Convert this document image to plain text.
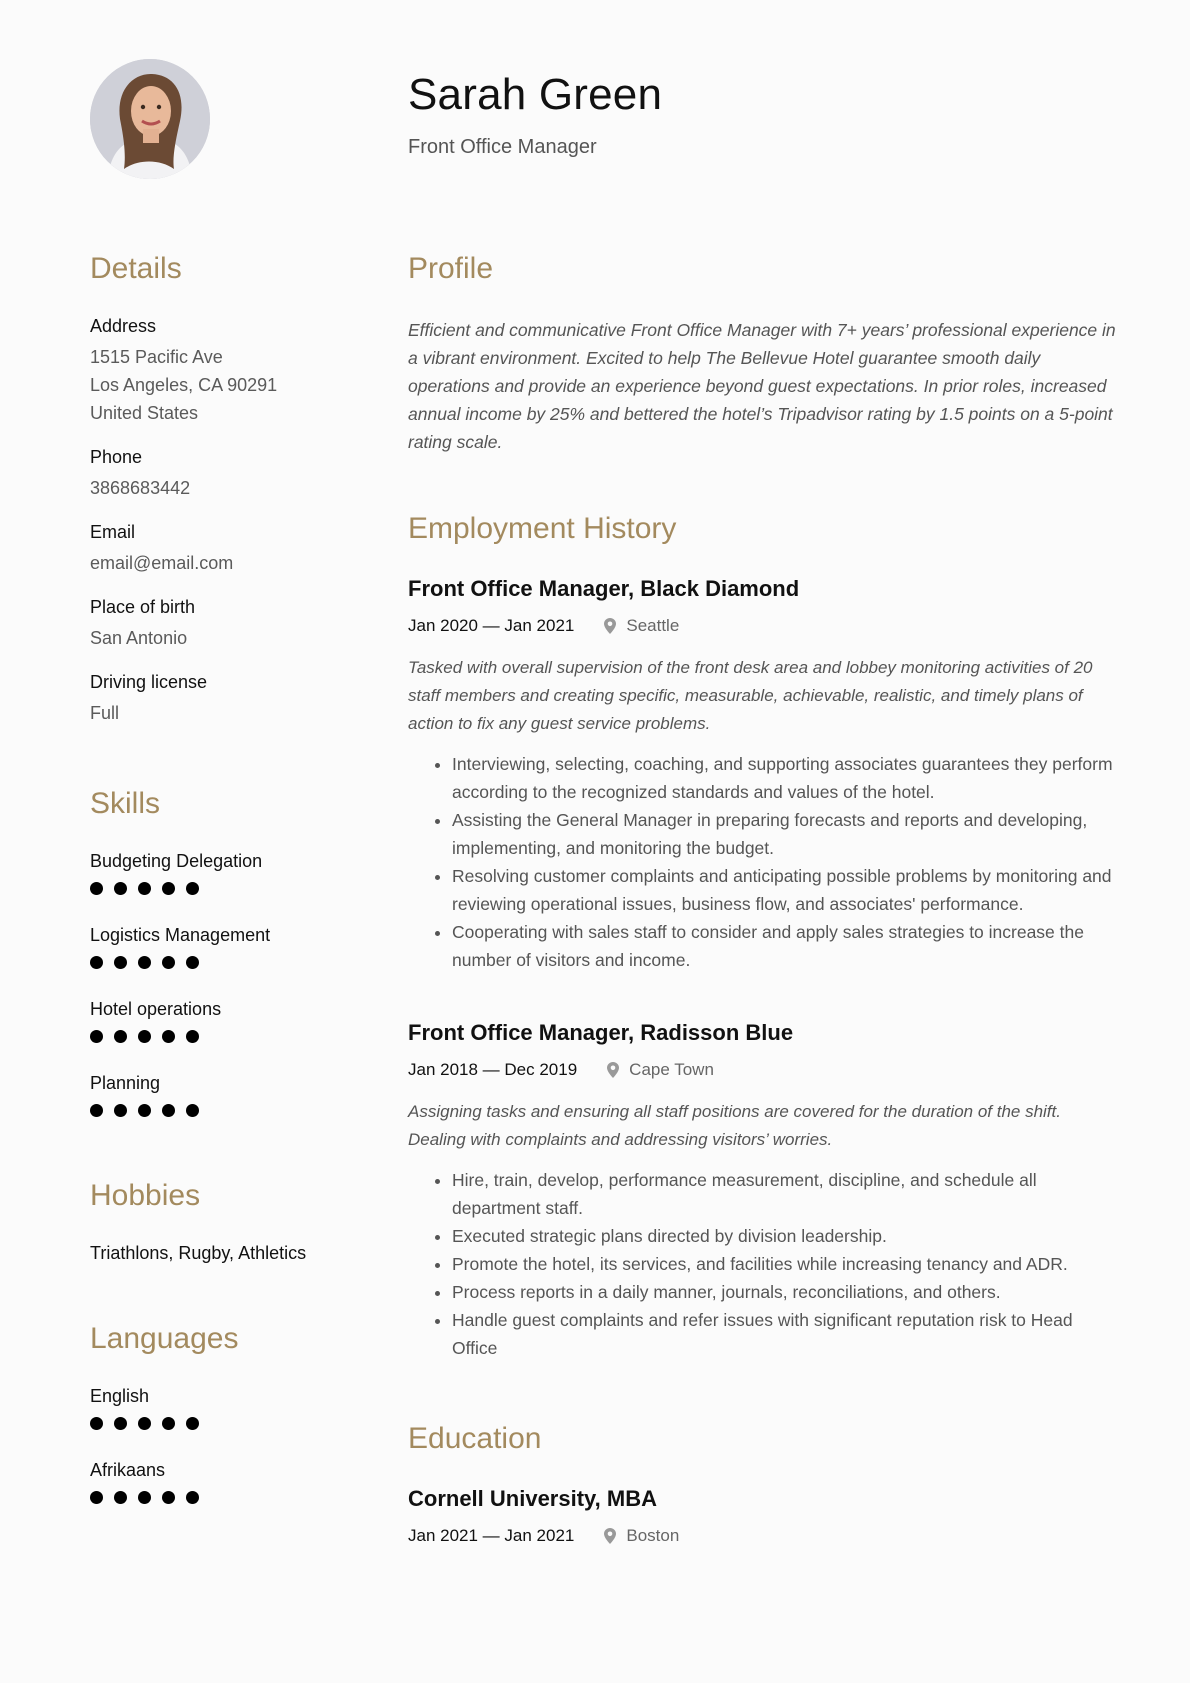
Sarah Green
Front Office Manager
Details
Address
1515 Pacific Ave
Los Angeles, CA 90291
United States
Phone
3868683442
Email
email@email.com
Place of birth
San Antonio
Driving license
Full
Skills
Budgeting Delegation
Logistics Management
Hotel operations
Planning
Hobbies
Triathlons, Rugby, Athletics
Languages
English
Afrikaans
Profile
Efficient and communicative Front Office Manager with 7+ years’ professional experience in a vibrant environment. Excited to help The Bellevue Hotel guarantee smooth daily operations and provide an experience beyond guest expectations. In prior roles, increased annual income by 25% and bettered the hotel’s Tripadvisor rating by 1.5 points on a 5-point rating scale.
Employment History
Front Office Manager, Black Diamond
Jan 2020 — Jan 2021	Seattle
Tasked with overall supervision of the front desk area and lobbey monitoring activities of 20 staff members and creating specific, measurable, achievable, realistic, and timely plans of action to fix any guest service problems.
• Interviewing, selecting, coaching, and supporting associates guarantees they perform according to the recognized standards and values of the hotel.
• Assisting the General Manager in preparing forecasts and reports and developing, implementing, and monitoring the budget.
• Resolving customer complaints and anticipating possible problems by monitoring and reviewing operational issues, business flow, and associates' performance.
• Cooperating with sales staff to consider and apply sales strategies to increase the number of visitors and income.
Front Office Manager, Radisson Blue
Jan 2018 — Dec 2019	Cape Town
Assigning tasks and ensuring all staff positions are covered for the duration of the shift. Dealing with complaints and addressing visitors’ worries.
• Hire, train, develop, performance measurement, discipline, and schedule all department staff.
• Executed strategic plans directed by division leadership.
• Promote the hotel, its services, and facilities while increasing tenancy and ADR.
• Process reports in a daily manner, journals, reconciliations, and others.
• Handle guest complaints and refer issues with significant reputation risk to Head Office
Education
Cornell University, MBA
Jan 2021 — Jan 2021	Boston
